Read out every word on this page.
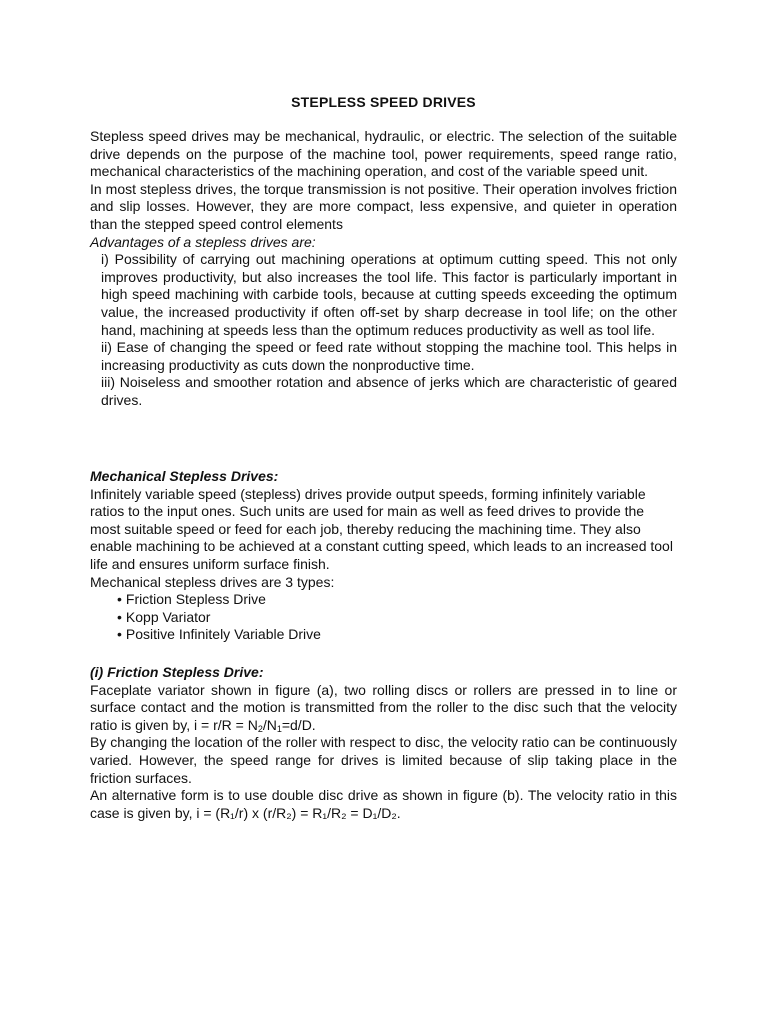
STEPLESS SPEED DRIVES

Stepless speed drives may be mechanical, hydraulic, or electric. The selection of the suitable drive depends on the purpose of the machine tool, power requirements, speed range ratio, mechanical characteristics of the machining operation, and cost of the variable speed unit.

In most stepless drives, the torque transmission is not positive. Their operation involves friction and slip losses. However, they are more compact, less expensive, and quieter in operation than the stepped speed control elements

Advantages of a stepless drives are:

i) Possibility of carrying out machining operations at optimum cutting speed. This not only improves productivity, but also increases the tool life. This factor is particularly important in high speed machining with carbide tools, because at cutting speeds exceeding the optimum value, the increased productivity if often off-set by sharp decrease in tool life; on the other hand, machining at speeds less than the optimum reduces productivity as well as tool life.

ii) Ease of changing the speed or feed rate without stopping the machine tool. This helps in increasing productivity as cuts down the nonproductive time.

iii) Noiseless and smoother rotation and absence of jerks which are characteristic of geared drives.

Mechanical Stepless Drives:

Infinitely variable speed (stepless) drives provide output speeds, forming infinitely variable ratios to the input ones. Such units are used for main as well as feed drives to provide the most suitable speed or feed for each job, thereby reducing the machining time. They also enable machining to be achieved at a constant cutting speed, which leads to an increased tool life and ensures uniform surface finish.

Mechanical stepless drives are 3 types:

• Friction Stepless Drive
• Kopp Variator
• Positive Infinitely Variable Drive

(i) Friction Stepless Drive:

Faceplate variator shown in figure (a), two rolling discs or rollers are pressed in to line or surface contact and the motion is transmitted from the roller to the disc such that the velocity ratio is given by, $i = r/R = N_2/N_1=d/D$.

By changing the location of the roller with respect to disc, the velocity ratio can be continuously varied. However, the speed range for drives is limited because of slip taking place in the friction surfaces.

An alternative form is to use double disc drive as shown in figure (b). The velocity ratio in this case is given by, i = (R₁/r) x (r/R₂) = R₁/R₂ = D₁/D₂.
